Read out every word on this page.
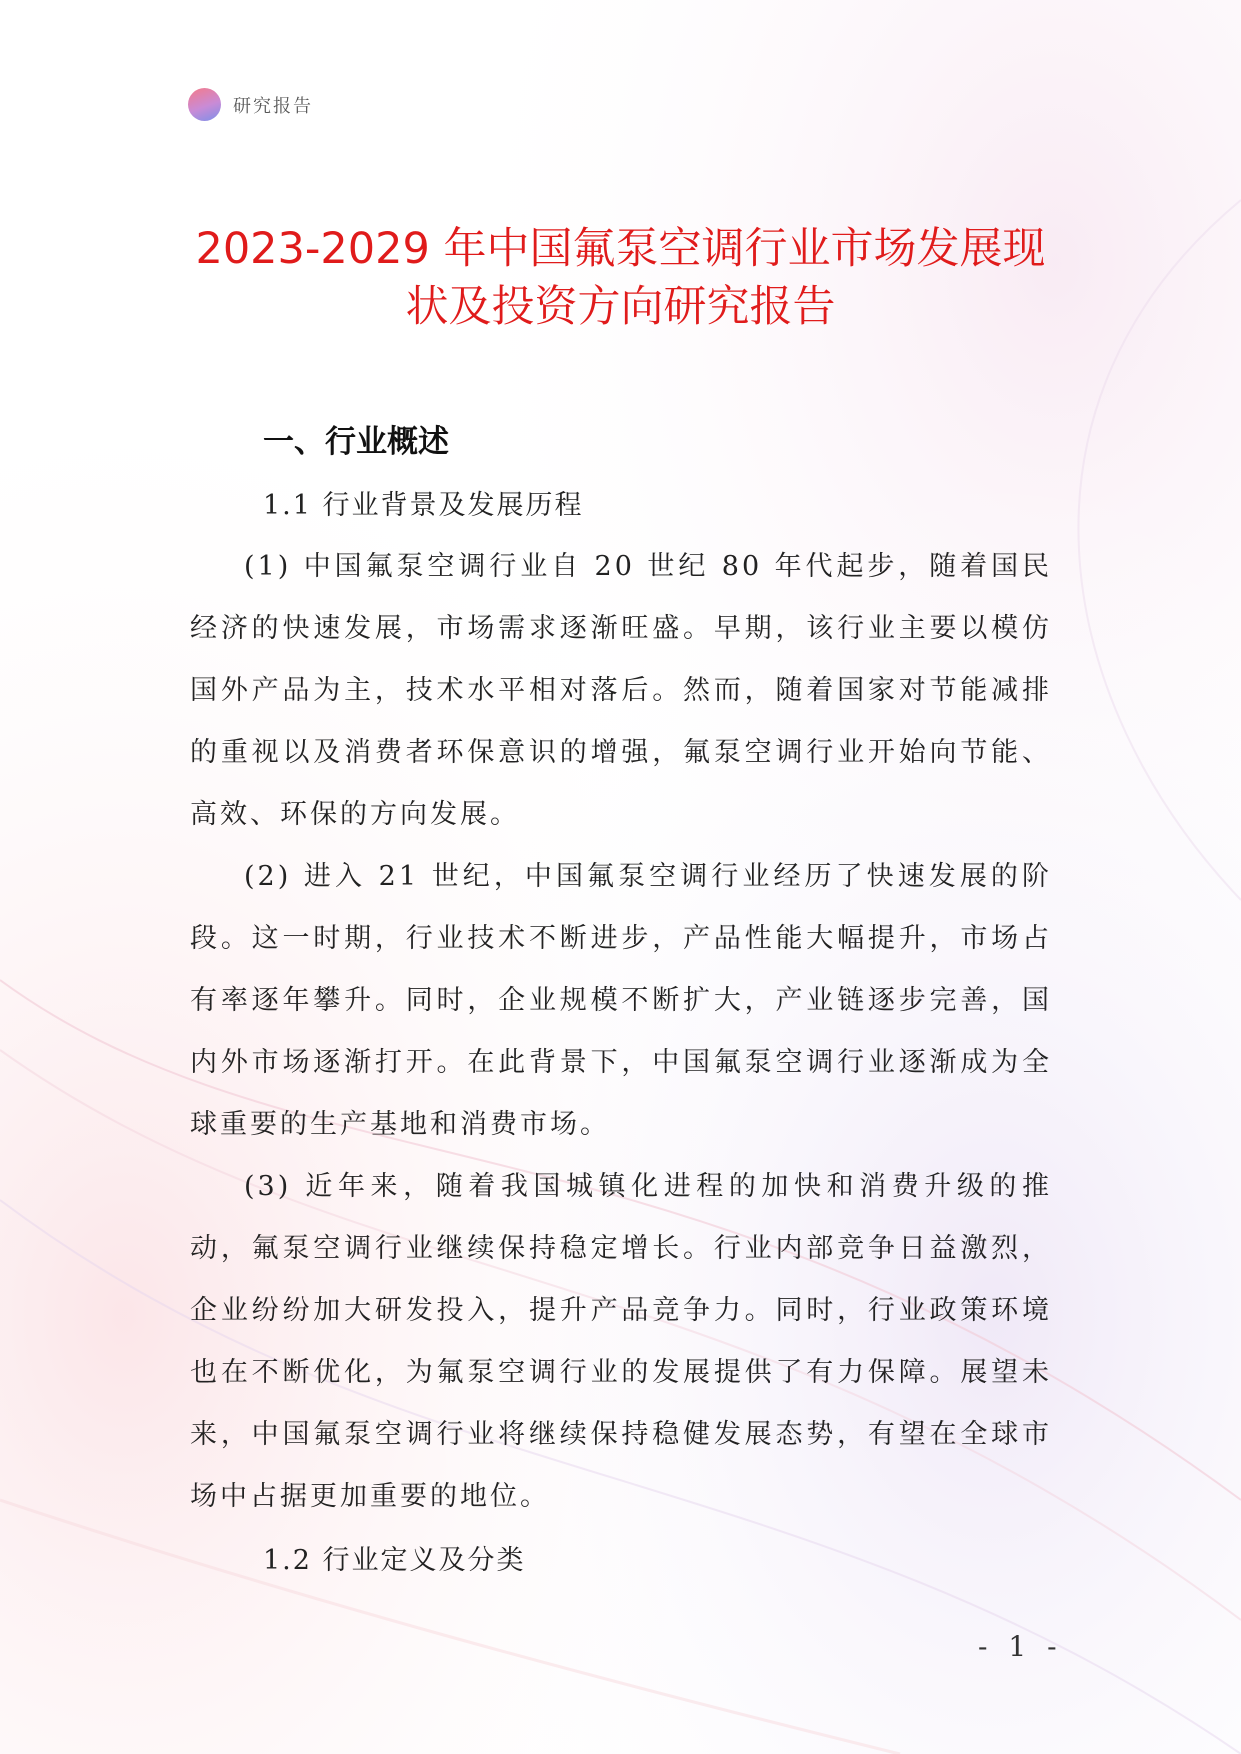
研究报告
2023-2029 年中国氟泵空调行业市场发展现
状及投资方向研究报告
一、行业概述
1.1 行业背景及发展历程

(1) 中国氟泵空调行业自 20 世纪 80 年代起步，随着国民经济的快速发展，市场需求逐渐旺盛。早期，该行业主要以模仿国外产品为主，技术水平相对落后。然而，随着国家对节能减排的重视以及消费者环保意识的增强，氟泵空调行业开始向节能、高效、环保的方向发展。

(2) 进入 21 世纪，中国氟泵空调行业经历了快速发展的阶段。这一时期，行业技术不断进步，产品性能大幅提升，市场占有率逐年攀升。同时，企业规模不断扩大，产业链逐步完善，国内外市场逐渐打开。在此背景下，中国氟泵空调行业逐渐成为全球重要的生产基地和消费市场。

(3) 近年来，随着我国城镇化进程的加快和消费升级的推动，氟泵空调行业继续保持稳定增长。行业内部竞争日益激烈，企业纷纷加大研发投入，提升产品竞争力。同时，行业政策环境也在不断优化，为氟泵空调行业的发展提供了有力保障。展望未来，中国氟泵空调行业将继续保持稳健发展态势，有望在全球市场中占据更加重要的地位。

1.2 行业定义及分类
- 1 -
